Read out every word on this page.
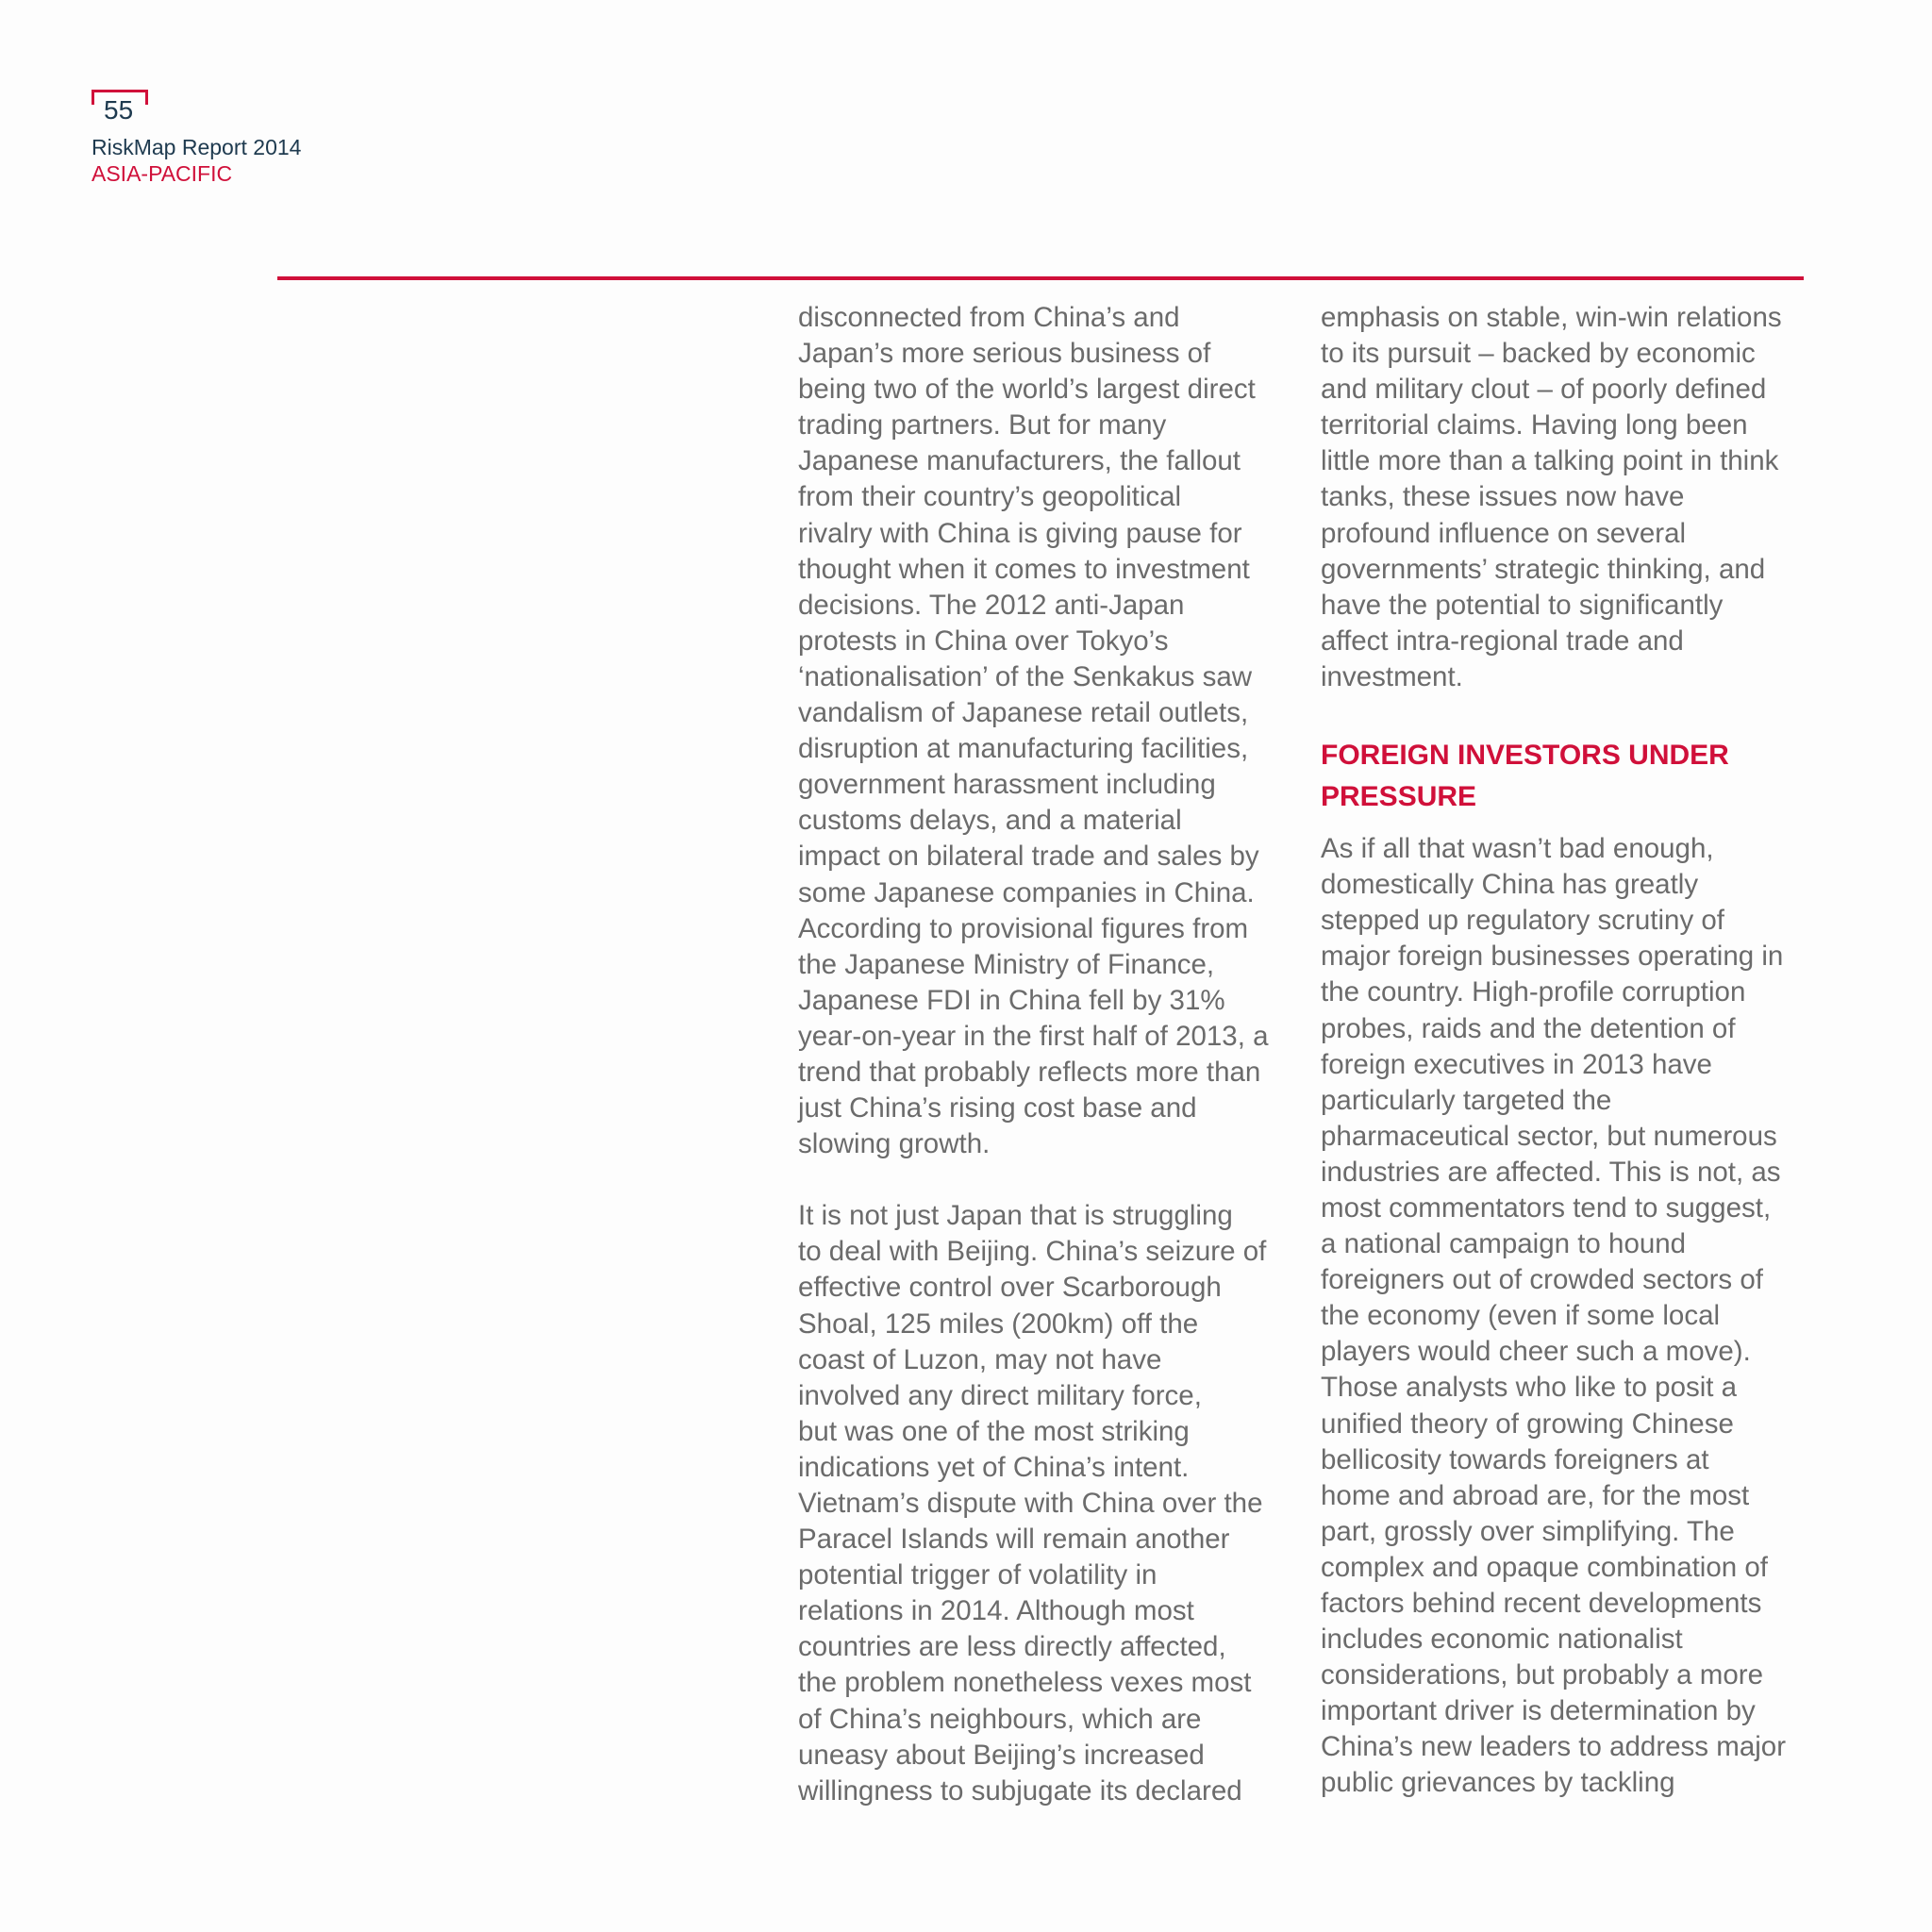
55
RiskMap Report 2014
ASIA-PACIFIC

disconnected from China’s and
Japan’s more serious business of
being two of the world’s largest direct
trading partners. But for many
Japanese manufacturers, the fallout
from their country’s geopolitical
rivalry with China is giving pause for
thought when it comes to investment
decisions. The 2012 anti-Japan
protests in China over Tokyo’s
‘nationalisation’ of the Senkakus saw
vandalism of Japanese retail outlets,
disruption at manufacturing facilities,
government harassment including
customs delays, and a material
impact on bilateral trade and sales by
some Japanese companies in China.
According to provisional figures from
the Japanese Ministry of Finance,
Japanese FDI in China fell by 31%
year-on-year in the first half of 2013, a
trend that probably reflects more than
just China’s rising cost base and
slowing growth.

It is not just Japan that is struggling
to deal with Beijing. China’s seizure of
effective control over Scarborough
Shoal, 125 miles (200km) off the
coast of Luzon, may not have
involved any direct military force,
but was one of the most striking
indications yet of China’s intent.
Vietnam’s dispute with China over the
Paracel Islands will remain another
potential trigger of volatility in
relations in 2014. Although most
countries are less directly affected,
the problem nonetheless vexes most
of China’s neighbours, which are
uneasy about Beijing’s increased
willingness to subjugate its declared

emphasis on stable, win-win relations
to its pursuit – backed by economic
and military clout – of poorly defined
territorial claims. Having long been
little more than a talking point in think
tanks, these issues now have
profound influence on several
governments’ strategic thinking, and
have the potential to significantly
affect intra-regional trade and
investment.

FOREIGN INVESTORS UNDER
PRESSURE

As if all that wasn’t bad enough,
domestically China has greatly
stepped up regulatory scrutiny of
major foreign businesses operating in
the country. High-profile corruption
probes, raids and the detention of
foreign executives in 2013 have
particularly targeted the
pharmaceutical sector, but numerous
industries are affected. This is not, as
most commentators tend to suggest,
a national campaign to hound
foreigners out of crowded sectors of
the economy (even if some local
players would cheer such a move).
Those analysts who like to posit a
unified theory of growing Chinese
bellicosity towards foreigners at
home and abroad are, for the most
part, grossly over simplifying. The
complex and opaque combination of
factors behind recent developments
includes economic nationalist
considerations, but probably a more
important driver is determination by
China’s new leaders to address major
public grievances by tackling
